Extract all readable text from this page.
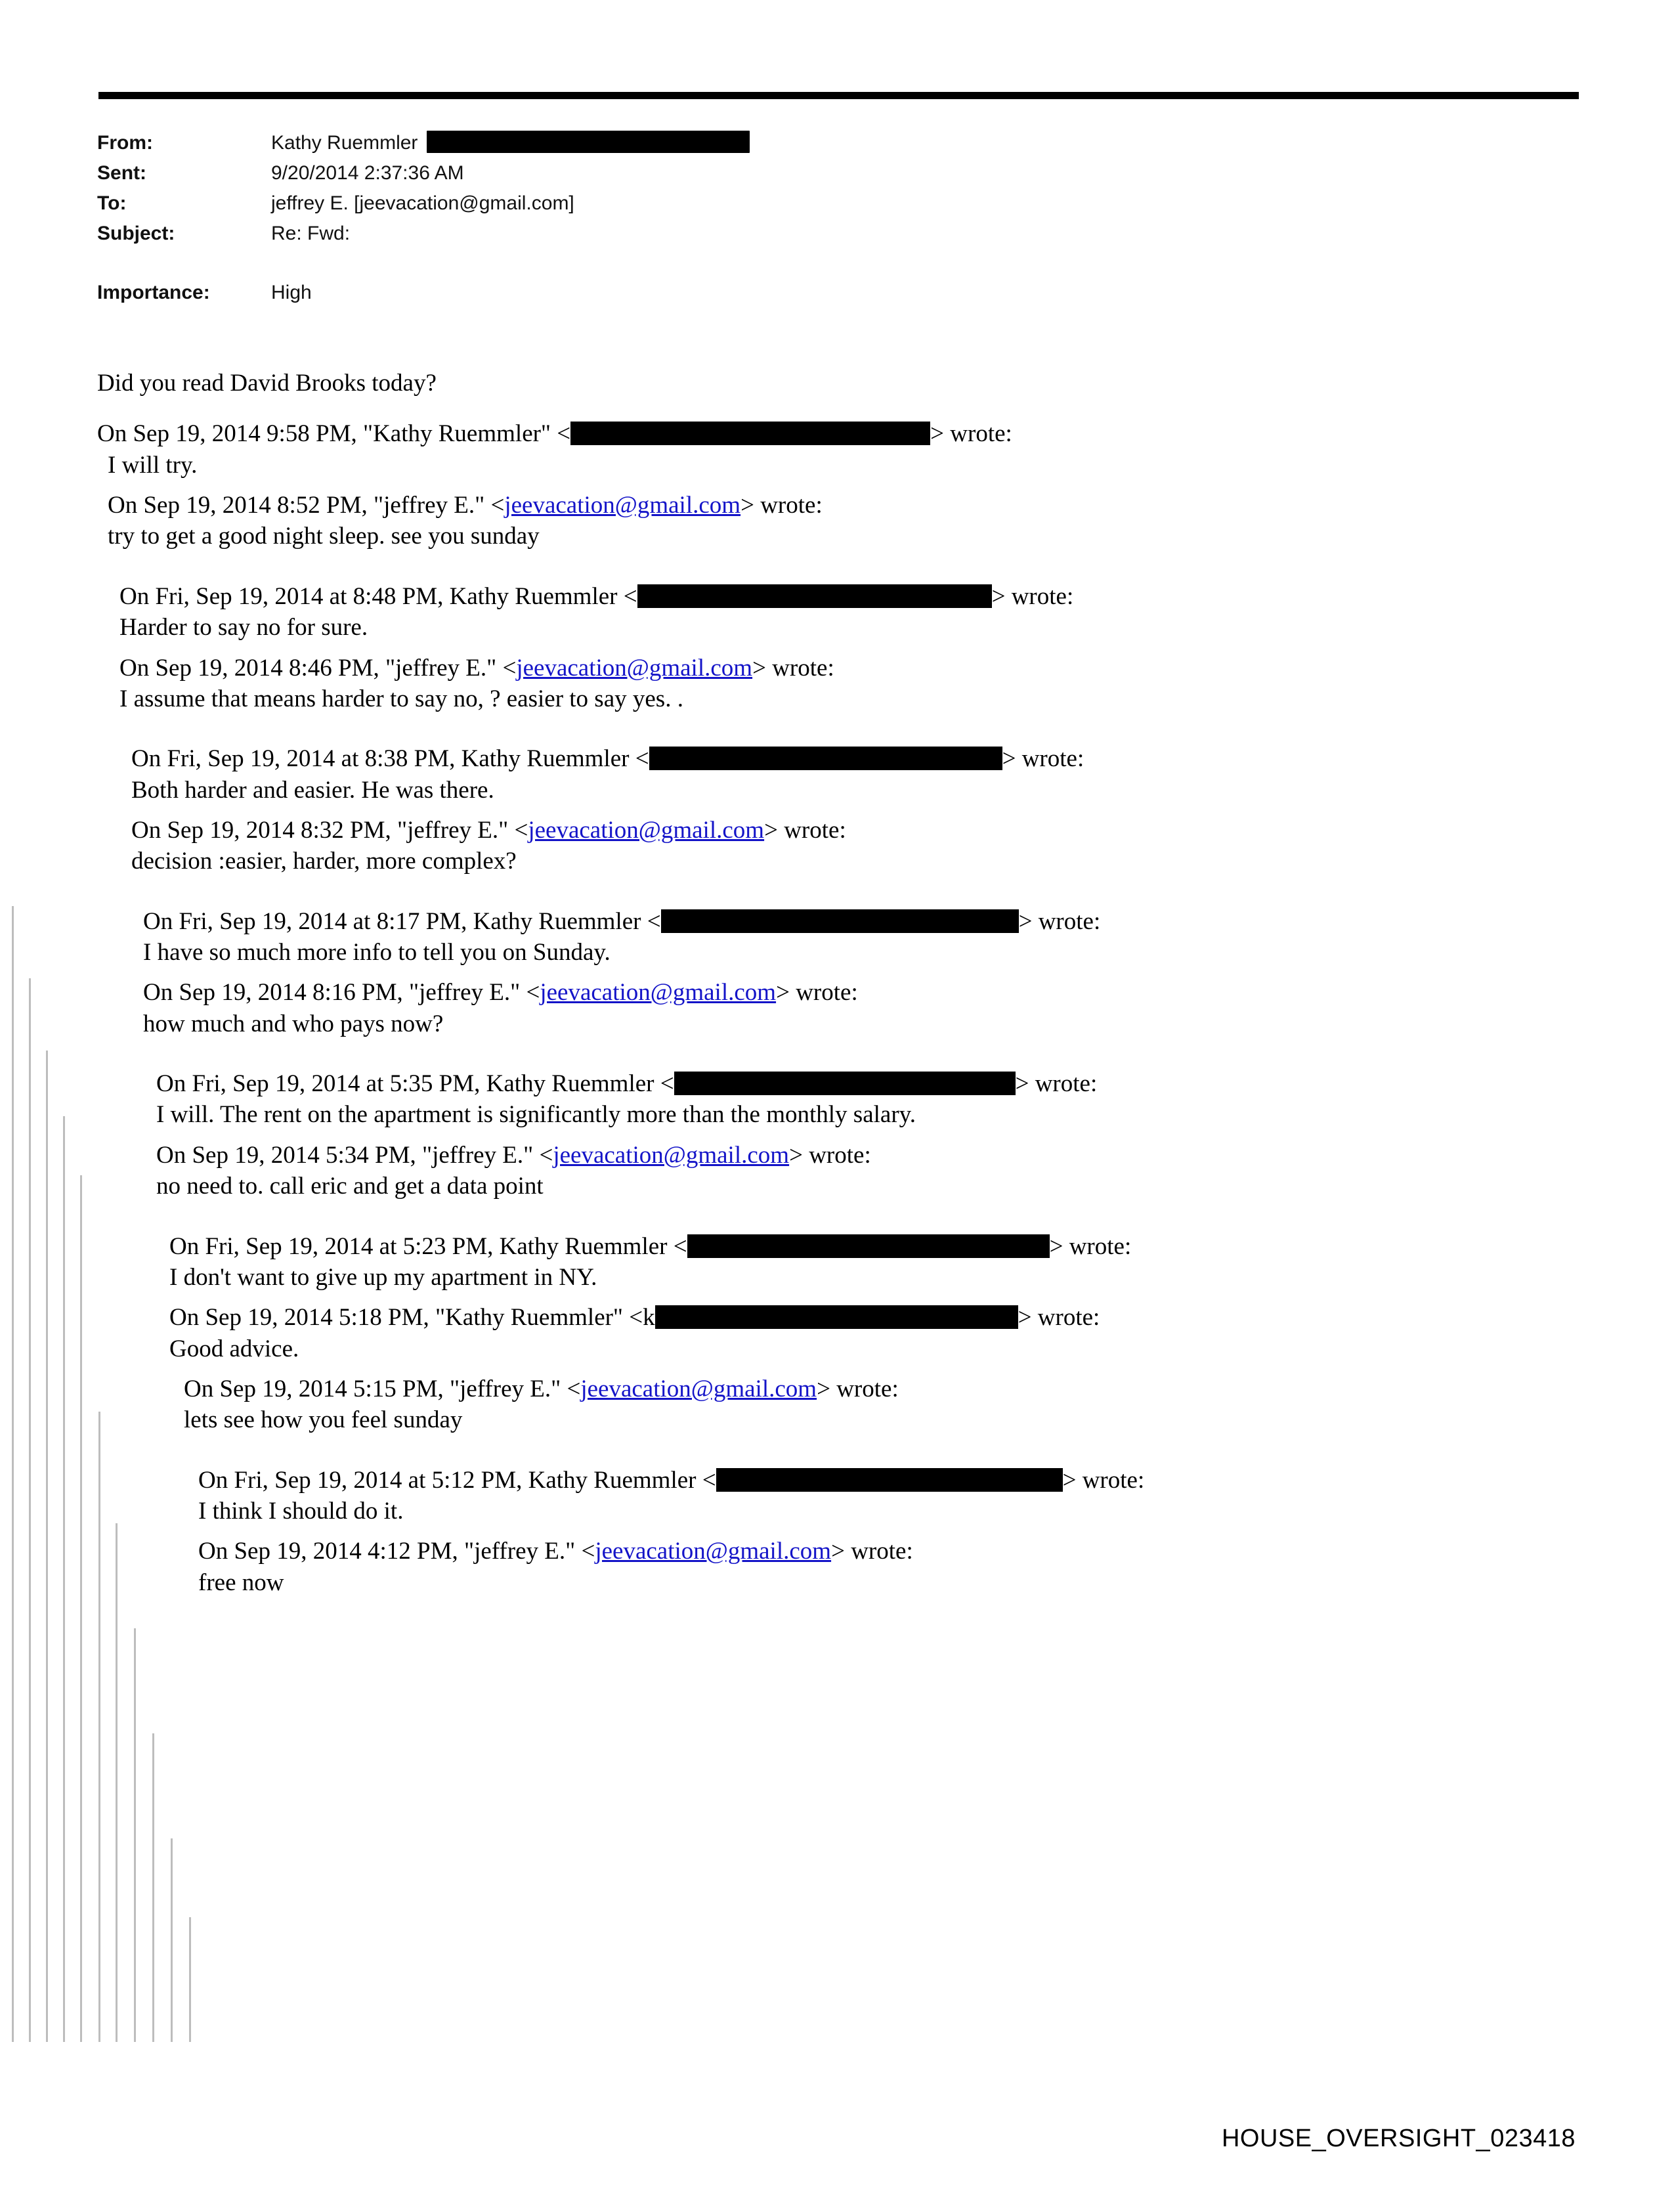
From:	Kathy Ruemmler
Sent:	9/20/2014 2:37:36 AM
To:	jeffrey E. [jeevacation@gmail.com]
Subject:	Re: Fwd:
Importance:	High
Did you read David Brooks today?
On Sep 19, 2014 9:58 PM, "Kathy Ruemmler" <	> wrote:
I will try.
On Sep 19, 2014 8:52 PM, "jeffrey E." <jeevacation@gmail.com> wrote:
try to get a good night sleep. see you sunday
On Fri, Sep 19, 2014 at 8:48 PM, Kathy Ruemmler <	> wrote:
Harder to say no for sure.
On Sep 19, 2014 8:46 PM, "jeffrey E." <jeevacation@gmail.com> wrote:
I assume that means harder to say no, ? easier to say yes. .
On Fri, Sep 19, 2014 at 8:38 PM, Kathy Ruemmler <	> wrote:
Both harder and easier. He was there.
On Sep 19, 2014 8:32 PM, "jeffrey E." <jeevacation@gmail.com> wrote:
decision :easier, harder, more complex?
On Fri, Sep 19, 2014 at 8:17 PM, Kathy Ruemmler <	> wrote:
I have so much more info to tell you on Sunday.
On Sep 19, 2014 8:16 PM, "jeffrey E." <jeevacation@gmail.com> wrote:
how much and who pays now?
On Fri, Sep 19, 2014 at 5:35 PM, Kathy Ruemmler <	> wrote:
I will. The rent on the apartment is significantly more than the monthly salary.
On Sep 19, 2014 5:34 PM, "jeffrey E." <jeevacation@gmail.com> wrote:
no need to. call eric and get a data point
On Fri, Sep 19, 2014 at 5:23 PM, Kathy Ruemmler <	> wrote:
I don't want to give up my apartment in NY.
On Sep 19, 2014 5:18 PM, "Kathy Ruemmler" <k	> wrote:
Good advice.
On Sep 19, 2014 5:15 PM, "jeffrey E." <jeevacation@gmail.com> wrote:
lets see how you feel sunday
On Fri, Sep 19, 2014 at 5:12 PM, Kathy Ruemmler <	> wrote:
I think I should do it.
On Sep 19, 2014 4:12 PM, "jeffrey E." <jeevacation@gmail.com> wrote:
free now
HOUSE_OVERSIGHT_023418
